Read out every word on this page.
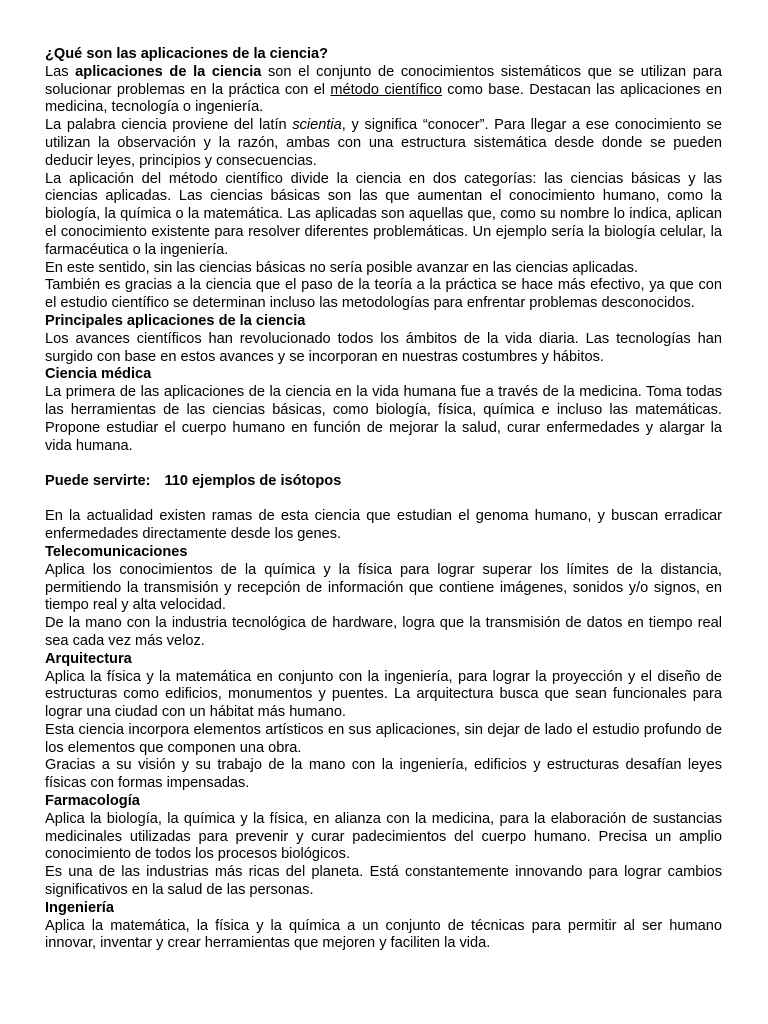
¿Qué son las aplicaciones de la ciencia?

Las aplicaciones de la ciencia son el conjunto de conocimientos sistemáticos que se utilizan para solucionar problemas en la práctica con el método científico como base. Destacan las aplicaciones en medicina, tecnología o ingeniería.

La palabra ciencia proviene del latín scientia, y significa “conocer”. Para llegar a ese conocimiento se utilizan la observación y la razón, ambas con una estructura sistemática desde donde se pueden deducir leyes, principios y consecuencias.

La aplicación del método científico divide la ciencia en dos categorías: las ciencias básicas y las ciencias aplicadas. Las ciencias básicas son las que aumentan el conocimiento humano, como la biología, la química o la matemática. Las aplicadas son aquellas que, como su nombre lo indica, aplican el conocimiento existente para resolver diferentes problemáticas. Un ejemplo sería la biología celular, la farmacéutica o la ingeniería.

En este sentido, sin las ciencias básicas no sería posible avanzar en las ciencias aplicadas.

También es gracias a la ciencia que el paso de la teoría a la práctica se hace más efectivo, ya que con el estudio científico se determinan incluso las metodologías para enfrentar problemas desconocidos.

Principales aplicaciones de la ciencia

Los avances científicos han revolucionado todos los ámbitos de la vida diaria. Las tecnologías han surgido con base en estos avances y se incorporan en nuestras costumbres y hábitos.

Ciencia médica

La primera de las aplicaciones de la ciencia en la vida humana fue a través de la medicina. Toma todas las herramientas de las ciencias básicas, como biología, física, química e incluso las matemáticas. Propone estudiar el cuerpo humano en función de mejorar la salud, curar enfermedades y alargar la vida humana.

Puede servirte: 110 ejemplos de isótopos

En la actualidad existen ramas de esta ciencia que estudian el genoma humano, y buscan erradicar enfermedades directamente desde los genes.

Telecomunicaciones

Aplica los conocimientos de la química y la física para lograr superar los límites de la distancia, permitiendo la transmisión y recepción de información que contiene imágenes, sonidos y/o signos, en tiempo real y alta velocidad.

De la mano con la industria tecnológica de hardware, logra que la transmisión de datos en tiempo real sea cada vez más veloz.

Arquitectura

Aplica la física y la matemática en conjunto con la ingeniería, para lograr la proyección y el diseño de estructuras como edificios, monumentos y puentes. La arquitectura busca que sean funcionales para lograr una ciudad con un hábitat más humano.

Esta ciencia incorpora elementos artísticos en sus aplicaciones, sin dejar de lado el estudio profundo de los elementos que componen una obra.

Gracias a su visión y su trabajo de la mano con la ingeniería, edificios y estructuras desafían leyes físicas con formas impensadas.

Farmacología

Aplica la biología, la química y la física, en alianza con la medicina, para la elaboración de sustancias medicinales utilizadas para prevenir y curar padecimientos del cuerpo humano. Precisa un amplio conocimiento de todos los procesos biológicos.

Es una de las industrias más ricas del planeta. Está constantemente innovando para lograr cambios significativos en la salud de las personas.

Ingeniería

Aplica la matemática, la física y la química a un conjunto de técnicas para permitir al ser humano innovar, inventar y crear herramientas que mejoren y faciliten la vida.
